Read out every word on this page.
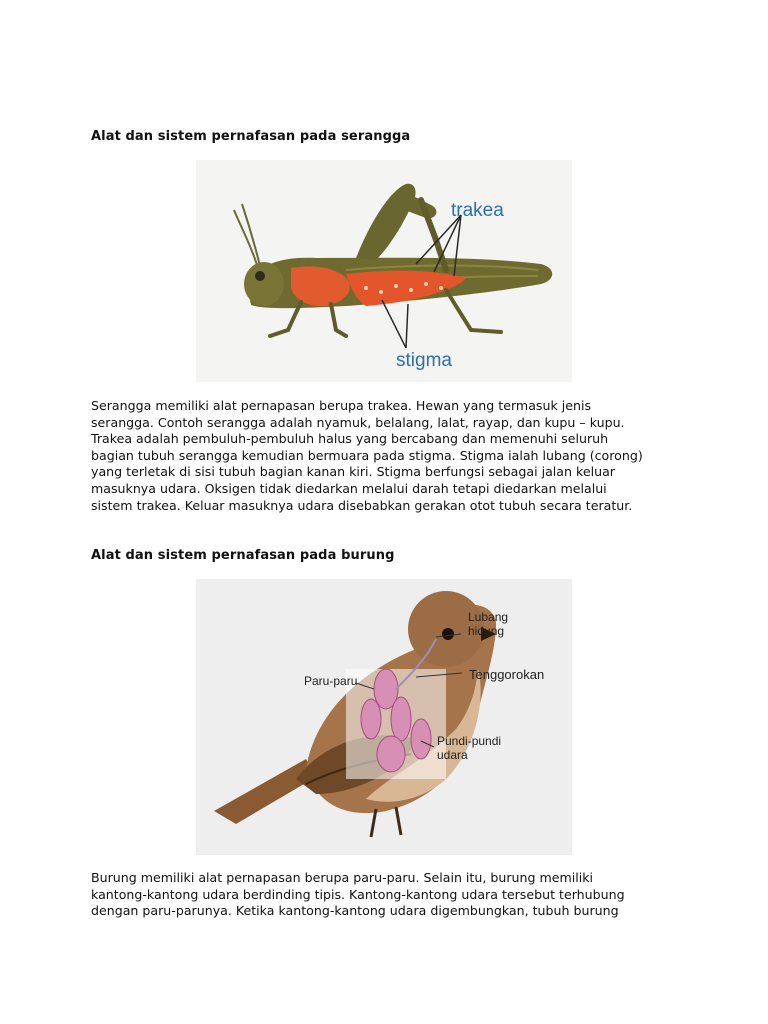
Alat dan sistem pernafasan pada serangga
trakea
stigma
Serangga memiliki alat pernapasan berupa trakea. Hewan yang termasuk jenis
serangga. Contoh serangga adalah nyamuk, belalang, lalat, rayap, dan kupu – kupu.
Trakea adalah pembuluh-pembuluh halus yang bercabang dan memenuhi seluruh
bagian tubuh serangga kemudian bermuara pada stigma. Stigma ialah lubang (corong)
yang terletak di sisi tubuh bagian kanan kiri. Stigma berfungsi sebagai jalan keluar
masuknya udara. Oksigen tidak diedarkan melalui darah tetapi diedarkan melalui
sistem trakea. Keluar masuknya udara disebabkan gerakan otot tubuh secara teratur.
Alat dan sistem pernafasan pada burung
Lubang
hidung
Tenggorokan
Paru-paru
Pundi-pundi
udara
Burung memiliki alat pernapasan berupa paru-paru. Selain itu, burung memiliki
kantong-kantong udara berdinding tipis. Kantong-kantong udara tersebut terhubung
dengan paru-parunya. Ketika kantong-kantong udara digembungkan, tubuh burung
